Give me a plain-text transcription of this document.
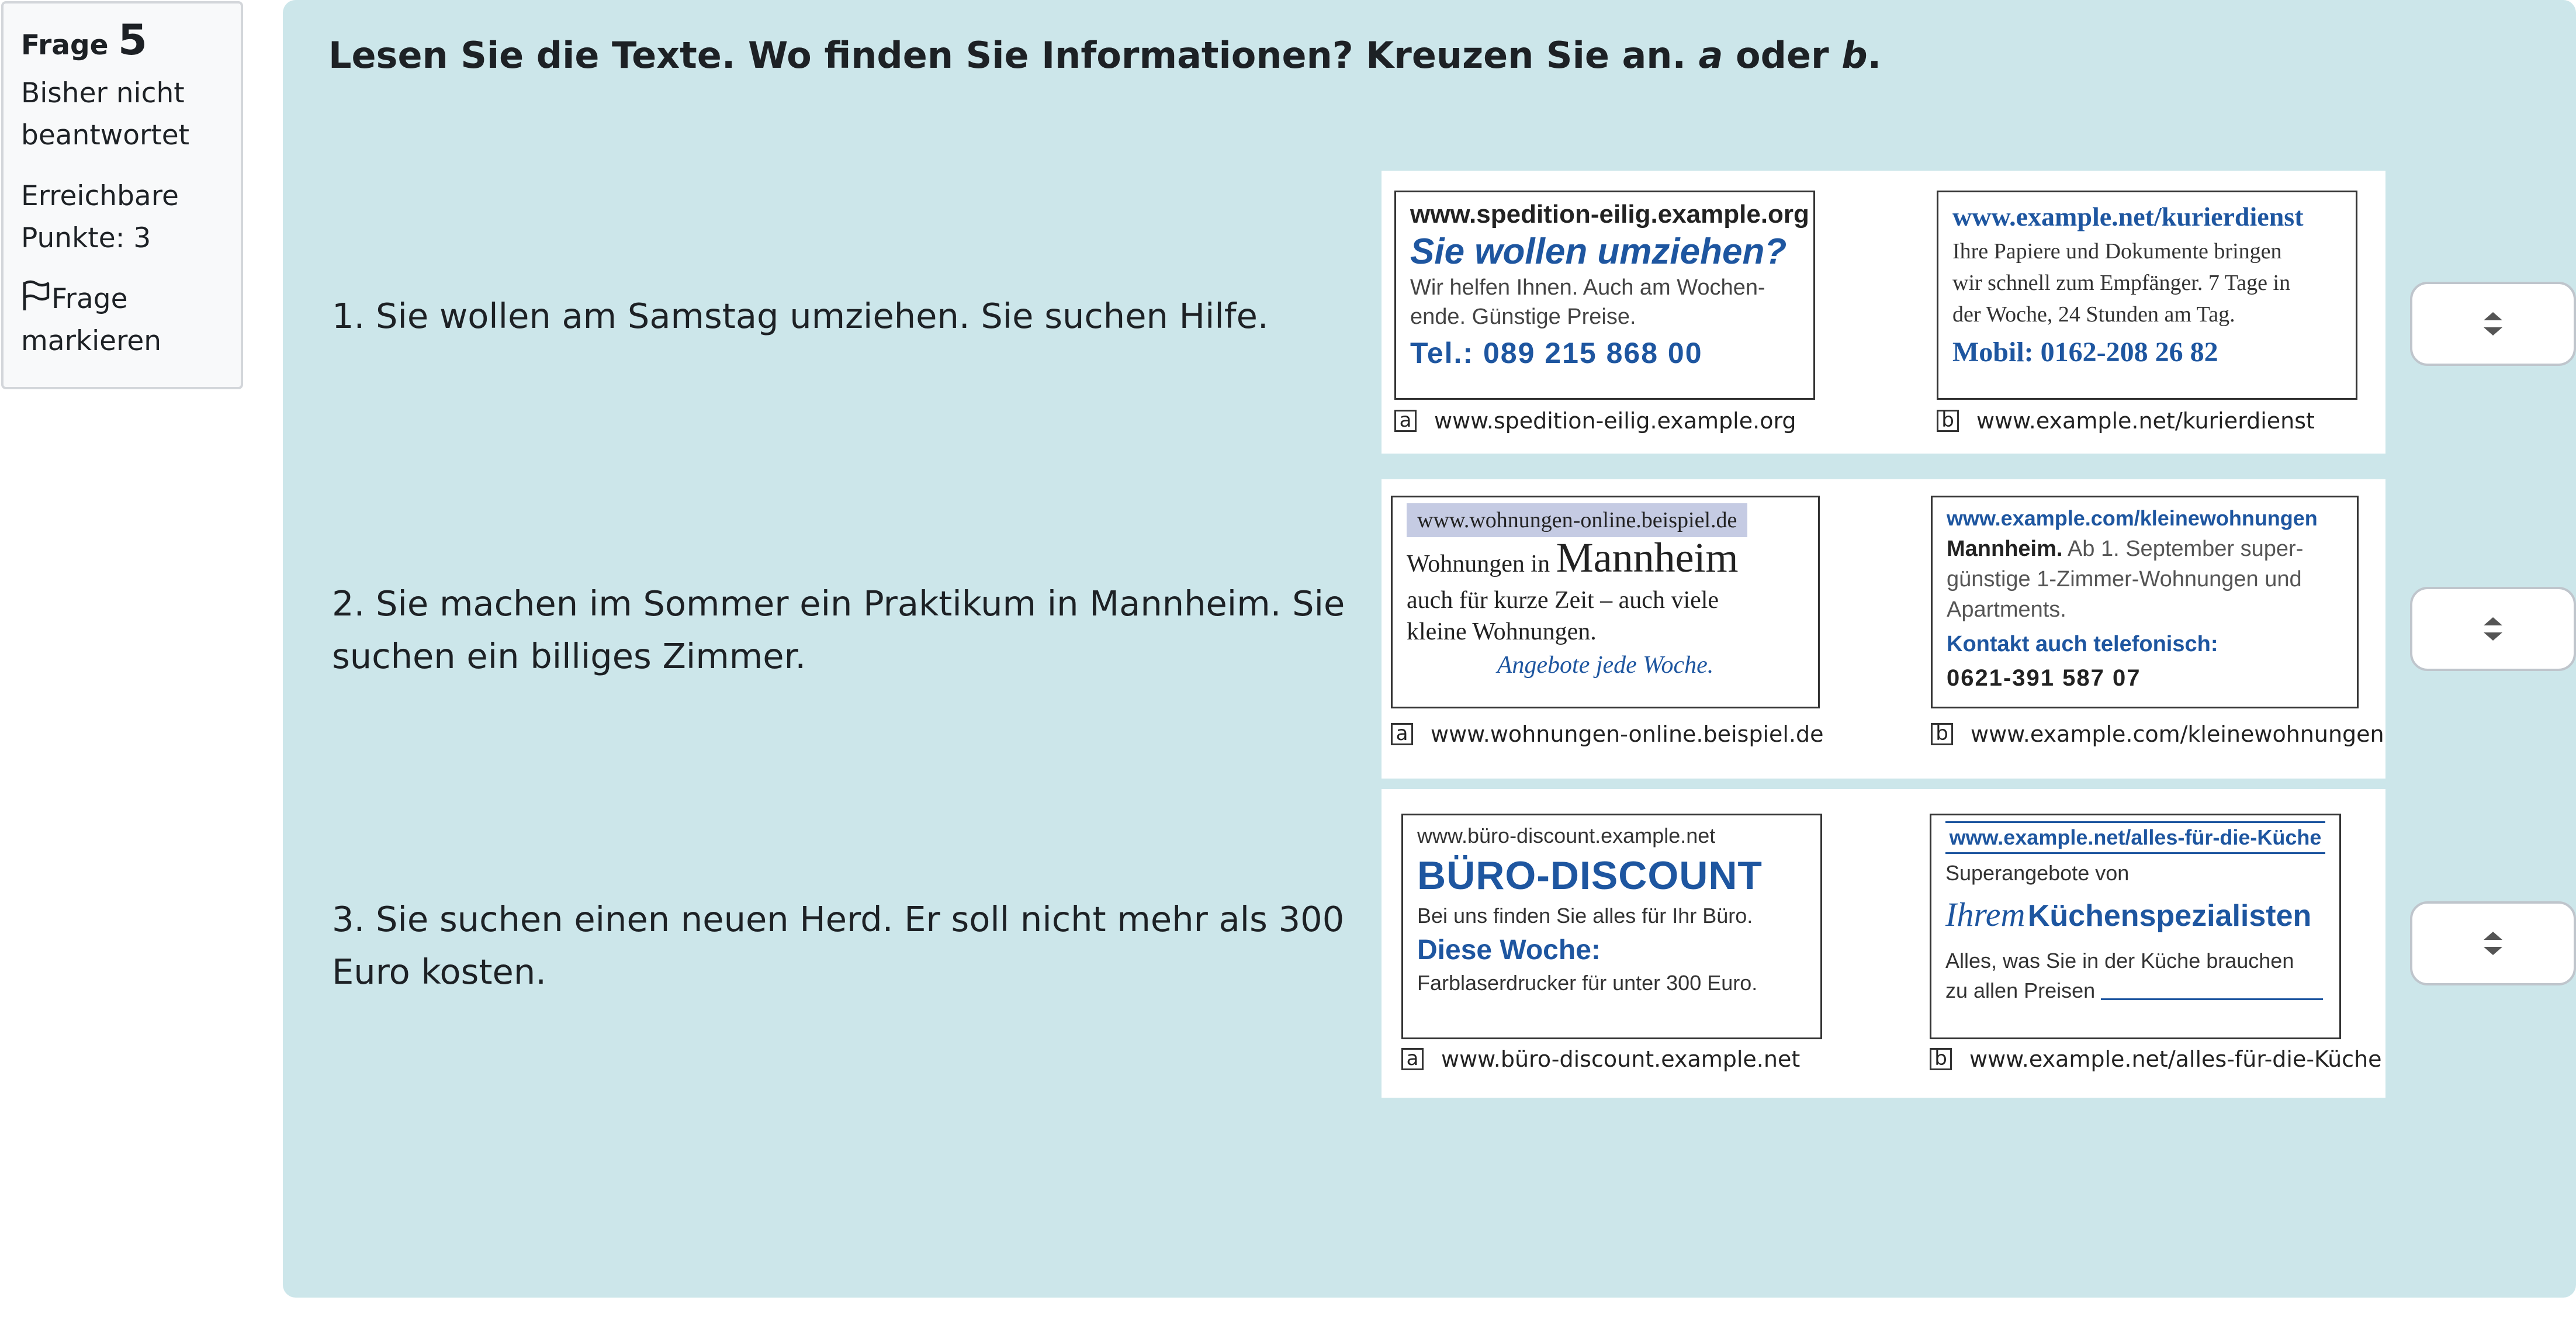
Frage 5
Bisher nicht
beantwortet
Erreichbare
Punkte: 3
Frage
markieren
Lesen Sie die Texte. Wo finden Sie Informationen? Kreuzen Sie an. a oder b.
1. Sie wollen am Samstag umziehen. Sie suchen Hilfe.
www.spedition-eilig.example.org
Sie wollen umziehen?
Wir helfen Ihnen. Auch am Wochen-
ende. Günstige Preise.
Tel.: 089 215 868 00
a www.spedition-eilig.example.org
www.example.net/kurierdienst
Ihre Papiere und Dokumente bringen
wir schnell zum Empfänger. 7 Tage in
der Woche, 24 Stunden am Tag.
Mobil: 0162-208 26 82
b www.example.net/kurierdienst
2. Sie machen im Sommer ein Praktikum in Mannheim. Sie suchen ein billiges Zimmer.
www.wohnungen-online.beispiel.de
Wohnungen in Mannheim
auch für kurze Zeit – auch viele
kleine Wohnungen.
Angebote jede Woche.
a www.wohnungen-online.beispiel.de
www.example.com/kleinewohnungen
Mannheim. Ab 1. September super-
günstige 1-Zimmer-Wohnungen und
Apartments.
Kontakt auch telefonisch:
0621-391 587 07
b www.example.com/kleinewohnungen
3. Sie suchen einen neuen Herd. Er soll nicht mehr als 300 Euro kosten.
www.büro-discount.example.net
BÜRO-DISCOUNT
Bei uns finden Sie alles für Ihr Büro.
Diese Woche:
Farblaserdrucker für unter 300 Euro.
a www.büro-discount.example.net
www.example.net/alles-für-die-Küche
Superangebote von
Ihrem Küchenspezialisten
Alles, was Sie in der Küche brauchen
zu allen Preisen
b www.example.net/alles-für-die-Küche
